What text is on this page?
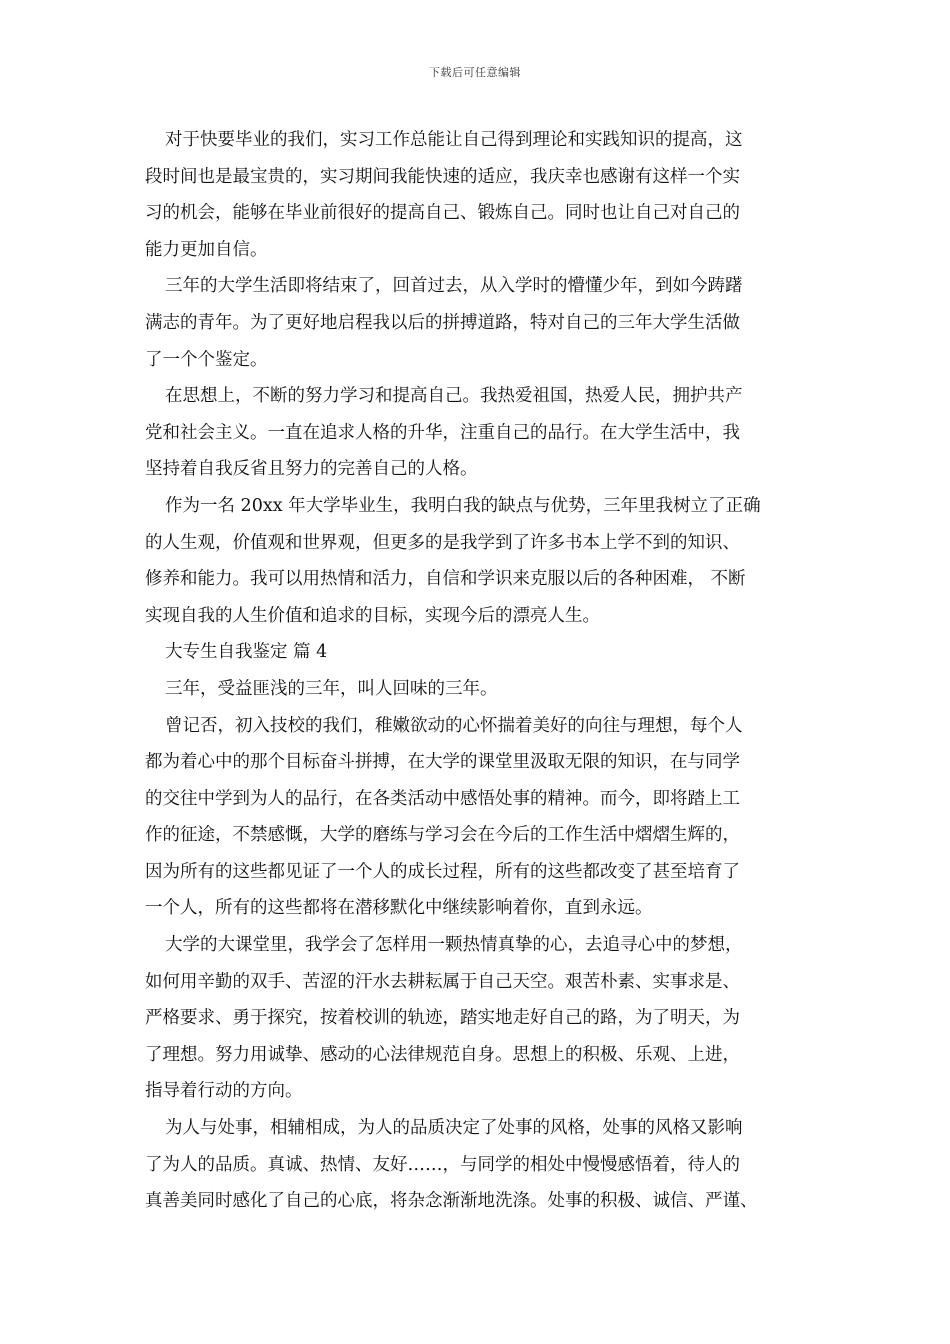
下载后可任意编辑
对于快要毕业的我们，实习工作总能让自己得到理论和实践知识的提高，这
段时间也是最宝贵的，实习期间我能快速的适应，我庆幸也感谢有这样一个实
习的机会，能够在毕业前很好的提高自己、锻炼自己。同时也让自己对自己的
能力更加自信。
三年的大学生活即将结束了，回首过去，从入学时的懵懂少年，到如今踌躇
满志的青年。为了更好地启程我以后的拼搏道路，特对自己的三年大学生活做
了一个个鉴定。
在思想上，不断的努力学习和提高自己。我热爱祖国，热爱人民，拥护共产
党和社会主义。一直在追求人格的升华，注重自己的品行。在大学生活中，我
坚持着自我反省且努力的完善自己的人格。
作为一名 20xx 年大学毕业生，我明白我的缺点与优势，三年里我树立了正确
的人生观，价值观和世界观，但更多的是我学到了许多书本上学不到的知识、
修养和能力。我可以用热情和活力，自信和学识来克服以后的各种困难， 不断
实现自我的人生价值和追求的目标，实现今后的漂亮人生。
大专生自我鉴定 篇 4
三年，受益匪浅的三年，叫人回味的三年。
曾记否，初入技校的我们，稚嫩欲动的心怀揣着美好的向往与理想，每个人
都为着心中的那个目标奋斗拼搏，在大学的课堂里汲取无限的知识，在与同学
的交往中学到为人的品行，在各类活动中感悟处事的精神。而今，即将踏上工
作的征途，不禁感慨，大学的磨练与学习会在今后的工作生活中熠熠生辉的，
因为所有的这些都见证了一个人的成长过程，所有的这些都改变了甚至培育了
一个人，所有的这些都将在潜移默化中继续影响着你，直到永远。
大学的大课堂里，我学会了怎样用一颗热情真挚的心，去追寻心中的梦想，
如何用辛勤的双手、苦涩的汗水去耕耘属于自己天空。艰苦朴素、实事求是、
严格要求、勇于探究，按着校训的轨迹，踏实地走好自己的路，为了明天，为
了理想。努力用诚挚、感动的心法律规范自身。思想上的积极、乐观、上进，
指导着行动的方向。
为人与处事，相辅相成，为人的品质决定了处事的风格，处事的风格又影响
了为人的品质。真诚、热情、友好……，与同学的相处中慢慢感悟着，待人的
真善美同时感化了自己的心底，将杂念渐渐地洗涤。处事的积极、诚信、严谨、
